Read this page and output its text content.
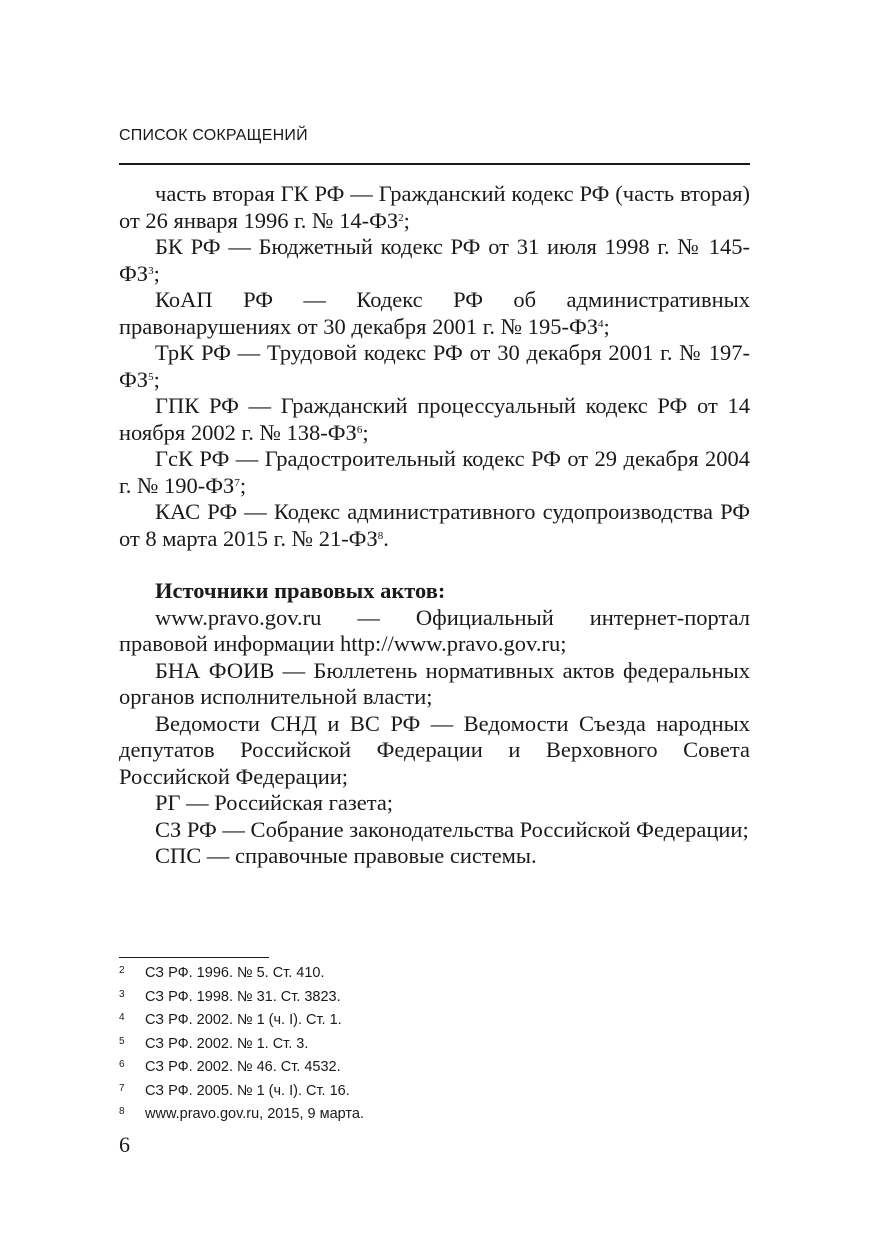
СПИСОК СОКРАЩЕНИЙ

часть вторая ГК РФ — Гражданский кодекс РФ (часть вторая) от 26 января 1996 г. № $14-ФЗ^2$;

БК РФ — Бюджетный кодекс РФ от 31 июля 1998 г. № $145-ФЗ^3$;

КоАП РФ — Кодекс РФ об административных правонарушениях от 30 декабря 2001 г. № $195-ФЗ^4$;

ТрК РФ — Трудовой кодекс РФ от 30 декабря 2001 г. № $197-ФЗ^5$;

ГПК РФ — Гражданский процессуальный кодекс РФ от 14 ноября 2002 г. № $138-ФЗ^6$;

ГсК РФ — Градостроительный кодекс РФ от 29 декабря 2004 г. № $190-ФЗ^7$;

КАС РФ — Кодекс административного судопроизводства РФ от 8 марта 2015 г. № $21-ФЗ^8$.

Источники правовых актов:

www.pravo.gov.ru — Официальный интернет-портал правовой информации http://www.pravo.gov.ru;

БНА ФОИВ — Бюллетень нормативных актов федеральных органов исполнительной власти;

Ведомости СНД и ВС РФ — Ведомости Съезда народных депутатов Российской Федерации и Верховного Совета Российской Федерации;

РГ — Российская газета;

СЗ РФ — Собрание законодательства Российской Федерации;

СПС — справочные правовые системы.

2	СЗ РФ. 1996. № 5. Ст. 410.
3	СЗ РФ. 1998. № 31. Ст. 3823.
4	СЗ РФ. 2002. № 1 (ч. I). Ст. 1.
5	СЗ РФ. 2002. № 1. Ст. 3.
6	СЗ РФ. 2002. № 46. Ст. 4532.
7	СЗ РФ. 2005. № 1 (ч. I). Ст. 16.
8	www.pravo.gov.ru, 2015, 9 марта.
6
